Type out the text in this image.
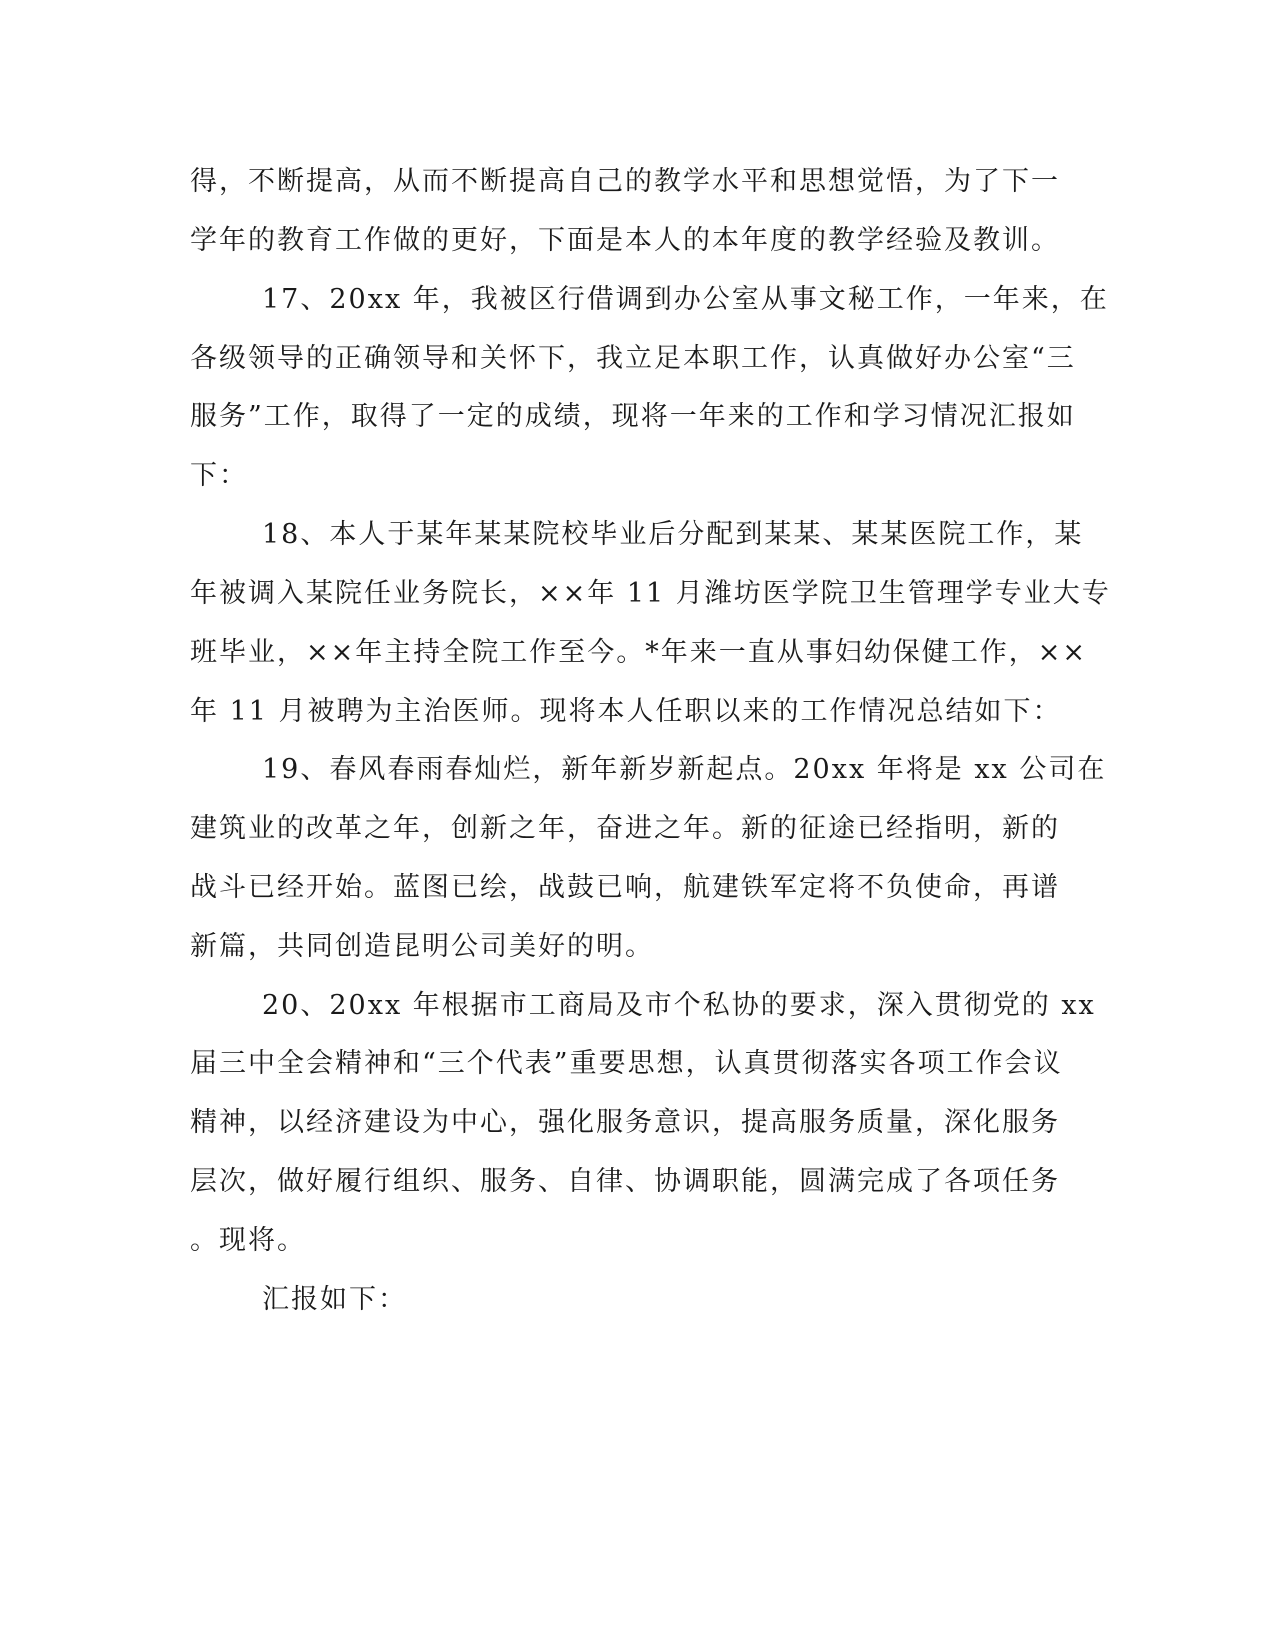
得，不断提高，从而不断提高自己的教学水平和思想觉悟，为了下一

学年的教育工作做的更好，下面是本人的本年度的教学经验及教训。

17、20xx 年，我被区行借调到办公室从事文秘工作，一年来，在

各级领导的正确领导和关怀下，我立足本职工作，认真做好办公室“三

服务”工作，取得了一定的成绩，现将一年来的工作和学习情况汇报如

下：

18、本人于某年某某院校毕业后分配到某某、某某医院工作，某

年被调入某院任业务院长，××年 11 月潍坊医学院卫生管理学专业大专

班毕业，××年主持全院工作至今。*年来一直从事妇幼保健工作，××

年 11 月被聘为主治医师。现将本人任职以来的工作情况总结如下：

19、春风春雨春灿烂，新年新岁新起点。20xx 年将是 xx 公司在

建筑业的改革之年，创新之年，奋进之年。新的征途已经指明，新的

战斗已经开始。蓝图已绘，战鼓已响，航建铁军定将不负使命，再谱

新篇，共同创造昆明公司美好的明。

20、20xx 年根据市工商局及市个私协的要求，深入贯彻党的 xx

届三中全会精神和“三个代表”重要思想，认真贯彻落实各项工作会议

精神，以经济建设为中心，强化服务意识，提高服务质量，深化服务

层次，做好履行组织、服务、自律、协调职能，圆满完成了各项任务

。现将。

汇报如下：
